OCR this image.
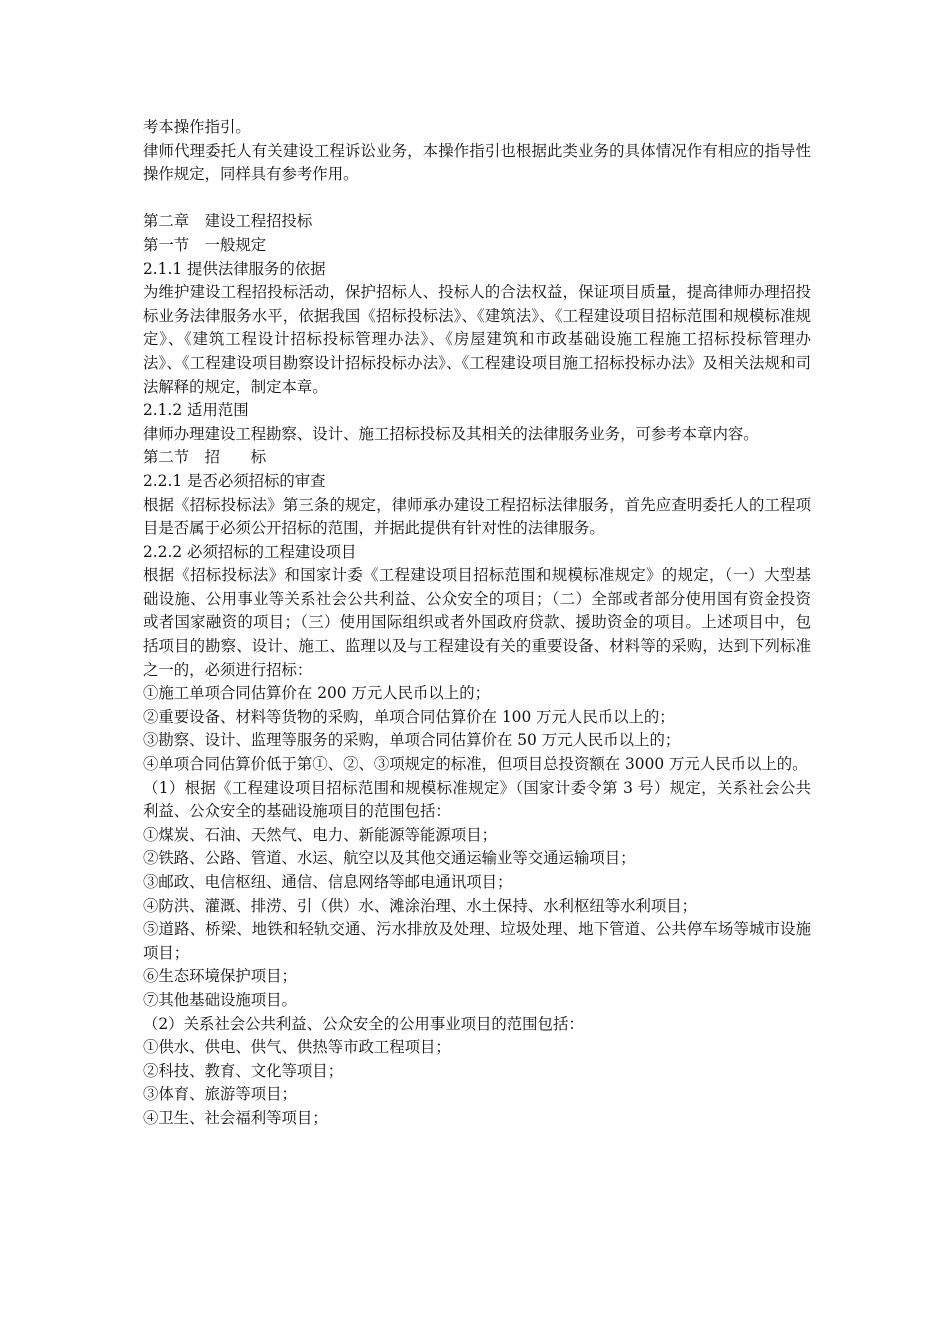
考本操作指引。

律师代理委托人有关建设工程诉讼业务，本操作指引也根据此类业务的具体情况作有相应的指导性操作规定，同样具有参考作用。

第二章　建设工程招投标

第一节　一般规定

2.1.1 提供法律服务的依据

为维护建设工程招投标活动，保护招标人、投标人的合法权益，保证项目质量，提高律师办理招投标业务法律服务水平，依据我国《招标投标法》、《建筑法》、《工程建设项目招标范围和规模标准规定》、《建筑工程设计招标投标管理办法》、《房屋建筑和市政基础设施工程施工招标投标管理办法》、《工程建设项目勘察设计招标投标办法》、《工程建设项目施工招标投标办法》及相关法规和司法解释的规定，制定本章。

2.1.2 适用范围

律师办理建设工程勘察、设计、施工招标投标及其相关的法律服务业务，可参考本章内容。

第二节　招　　标

2.2.1 是否必须招标的审查

根据《招标投标法》第三条的规定，律师承办建设工程招标法律服务，首先应查明委托人的工程项目是否属于必须公开招标的范围，并据此提供有针对性的法律服务。

2.2.2 必须招标的工程建设项目

根据《招标投标法》和国家计委《工程建设项目招标范围和规模标准规定》的规定，（一）大型基础设施、公用事业等关系社会公共利益、公众安全的项目；（二）全部或者部分使用国有资金投资或者国家融资的项目；（三）使用国际组织或者外国政府贷款、援助资金的项目。上述项目中，包括项目的勘察、设计、施工、监理以及与工程建设有关的重要设备、材料等的采购，达到下列标准之一的，必须进行招标：

①施工单项合同估算价在 200 万元人民币以上的；

②重要设备、材料等货物的采购，单项合同估算价在 100 万元人民币以上的；

③勘察、设计、监理等服务的采购，单项合同估算价在 50 万元人民币以上的；

④单项合同估算价低于第①、②、③项规定的标准，但项目总投资额在 3000 万元人民币以上的。

（1）根据《工程建设项目招标范围和规模标准规定》（国家计委令第 3 号）规定，关系社会公共利益、公众安全的基础设施项目的范围包括：

①煤炭、石油、天然气、电力、新能源等能源项目；

②铁路、公路、管道、水运、航空以及其他交通运输业等交通运输项目；

③邮政、电信枢纽、通信、信息网络等邮电通讯项目；

④防洪、灌溉、排涝、引（供）水、滩涂治理、水土保持、水利枢纽等水利项目；

⑤道路、桥梁、地铁和轻轨交通、污水排放及处理、垃圾处理、地下管道、公共停车场等城市设施项目；

⑥生态环境保护项目；

⑦其他基础设施项目。

（2）关系社会公共利益、公众安全的公用事业项目的范围包括：

①供水、供电、供气、供热等市政工程项目；

②科技、教育、文化等项目；

③体育、旅游等项目；

④卫生、社会福利等项目；
